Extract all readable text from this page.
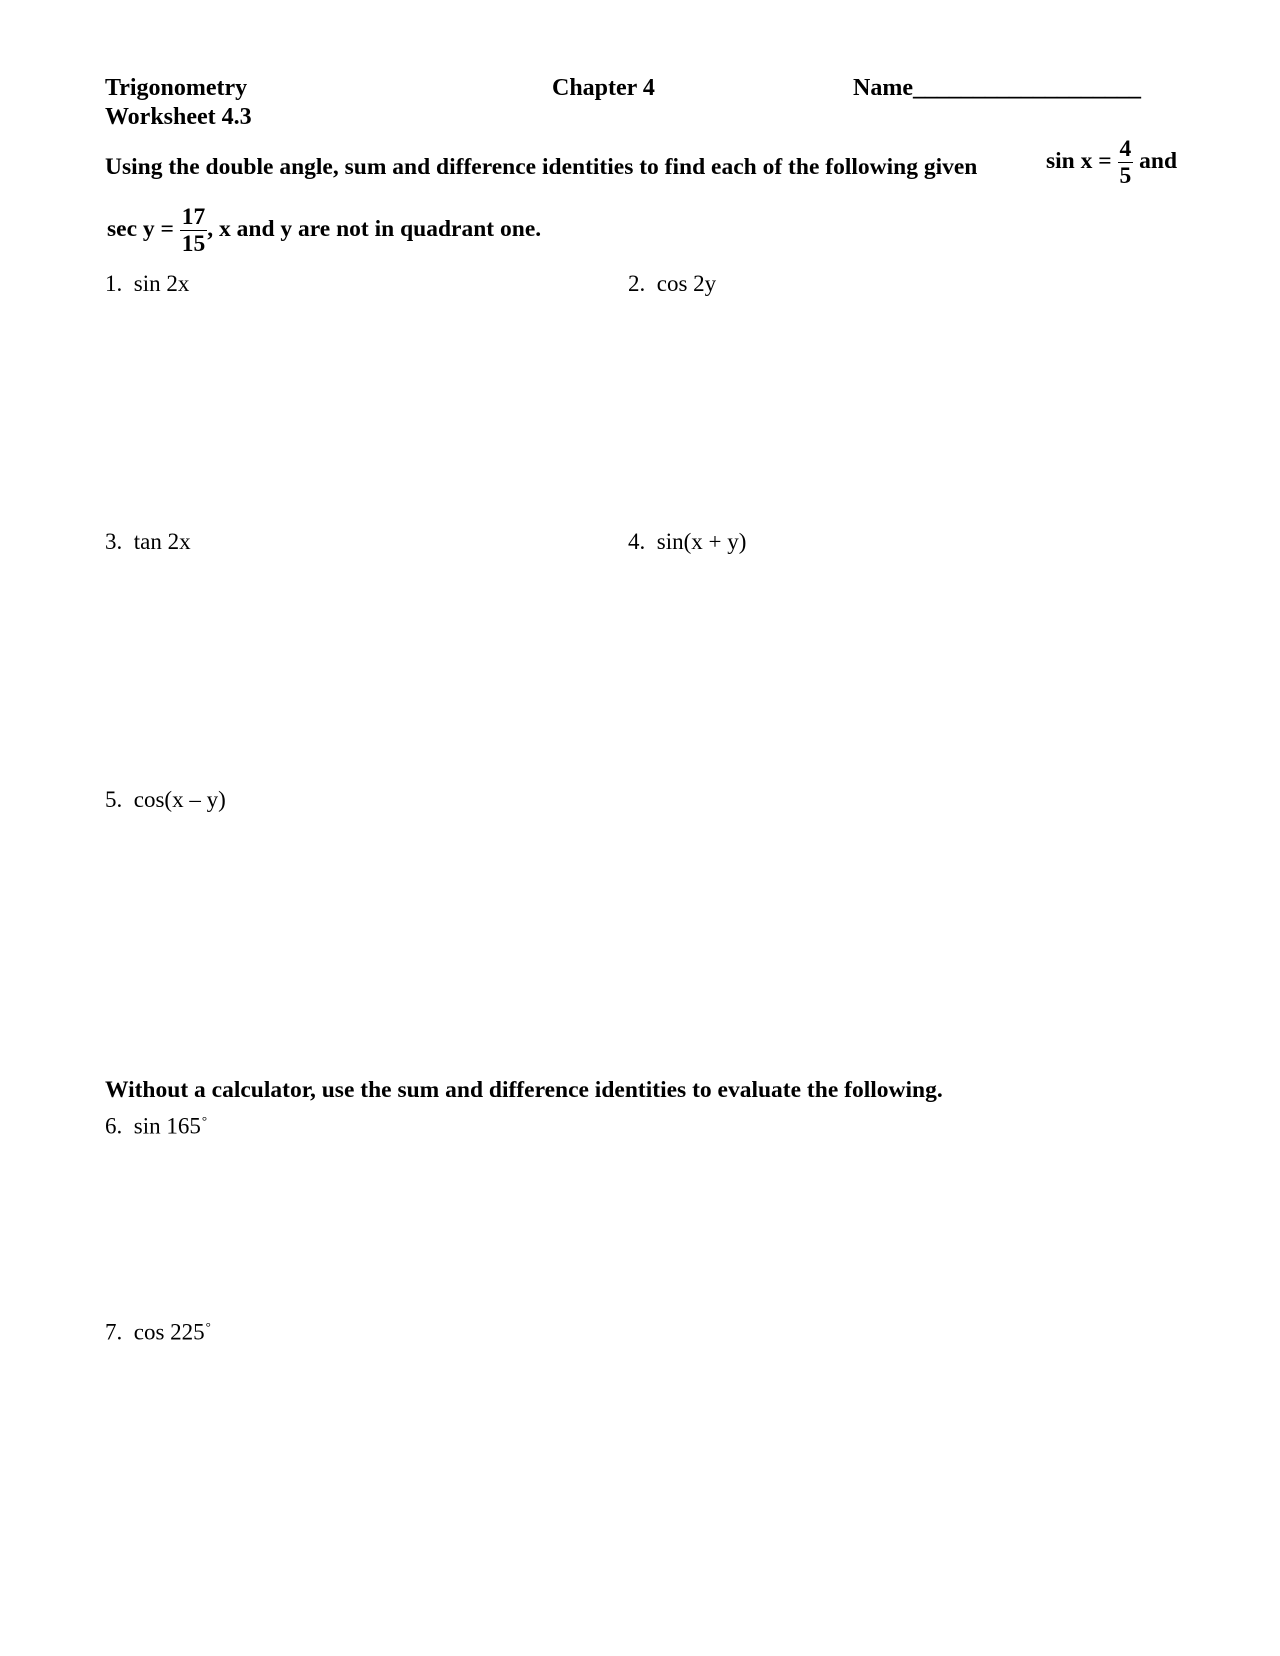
Trigonometry
Worksheet 4.3
Chapter 4	Name___________________
Using the double angle, sum and difference identities to find each of the following given	$\sin x = \frac{4}{5}$ and
$\sec y = \frac{17}{15}$ , x and y are not in quadrant one.
1. sin 2x	2. cos 2y
3. tan 2x	4. sin(x + y)
5. cos(x – y)
Without a calculator, use the sum and difference identities to evaluate the following.
6. sin 165°
7. cos 225°
